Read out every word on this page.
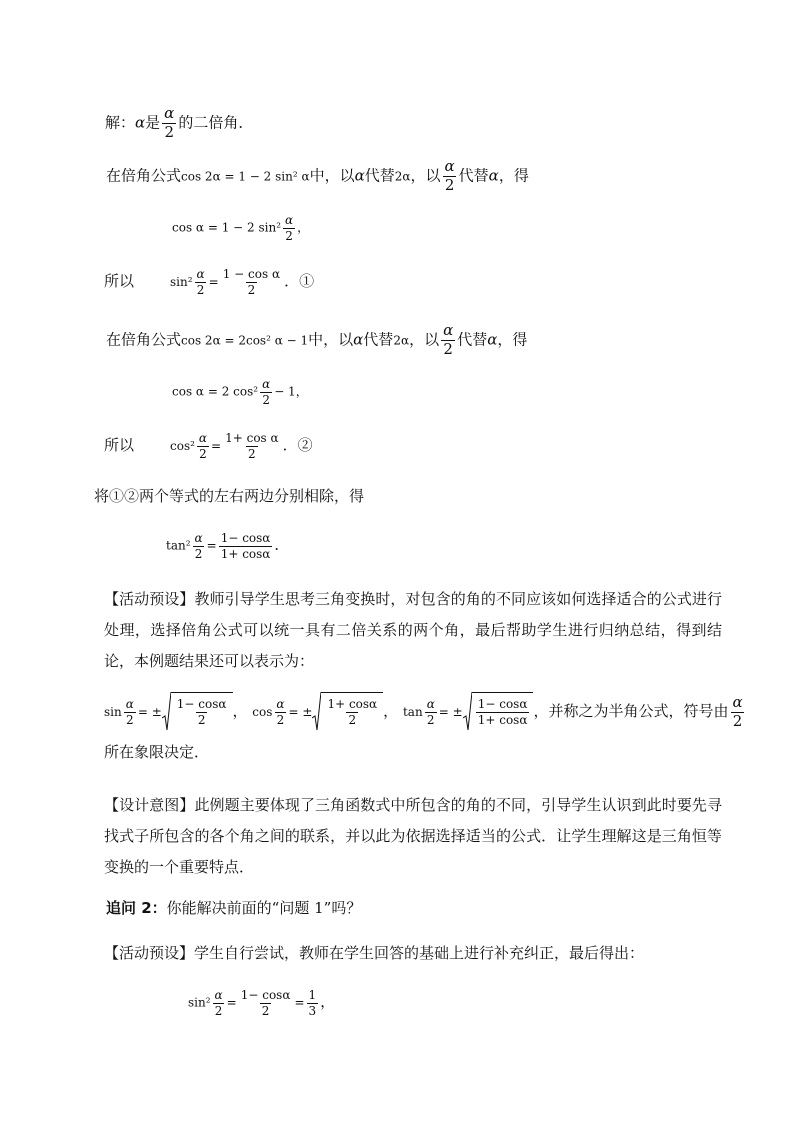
解：α是 $\frac{\alpha}{2}$ 的二倍角．
在倍角公式cos 2α = 1 − 2 sin² α中，以α代替2α，以 $\frac{\alpha}{2}$ 代替α，得
cos α = 1 − 2 $\sin^2 \frac{\alpha}{2}$ ，
所以	$\sin^2 \frac{\alpha}{2} = \frac{\text{1 − cos α}}{2}$ ．①
在倍角公式cos 2α = 2cos² α − 1中，以α代替2α，以 $\frac{\alpha}{2}$ 代替α，得
cos α = 2 $\cos^2 \frac{\alpha}{2} - 1$，
所以	$\cos^2 \frac{\alpha}{2} = \frac{\text{1+ cos α}}{2}$ ．②
将①②两个等式的左右两边分别相除，得
$\tan^2 \frac{\alpha}{2} = \frac{1- \cos\alpha}{1+ \cos\alpha}$ ．
【活动预设】教师引导学生思考三角变换时，对包含的角的不同应该如何选择适合的公式进行处理，选择倍角公式可以统一具有二倍关系的两个角，最后帮助学生进行归纳总结，得到结论，本例题结果还可以表示为：
$\sin \frac{\alpha}{2}$ = ± $\frac{1- \cos\alpha}{2}$ ， $\cos \frac{\alpha}{2}$ = ± $\frac{1+ \cos\alpha}{2}$ ， $\tan \frac{\alpha}{2}$ = ± $\frac{1- \cos\alpha}{1+ \cos\alpha}$ ，并称之为半角公式，符号由 $\frac{\alpha}{2}$
所在象限决定．
【设计意图】此例题主要体现了三角函数式中所包含的角的不同，引导学生认识到此时要先寻找式子所包含的各个角之间的联系，并以此为依据选择适当的公式．让学生理解这是三角恒等变换的一个重要特点．
追问 2：你能解决前面的“问题 1”吗？
【活动预设】学生自行尝试，教师在学生回答的基础上进行补充纠正，最后得出：
$\sin^2 \frac{\alpha}{2} = \frac{1- \cos\alpha}{2} = \frac{1}{3}$ ，
